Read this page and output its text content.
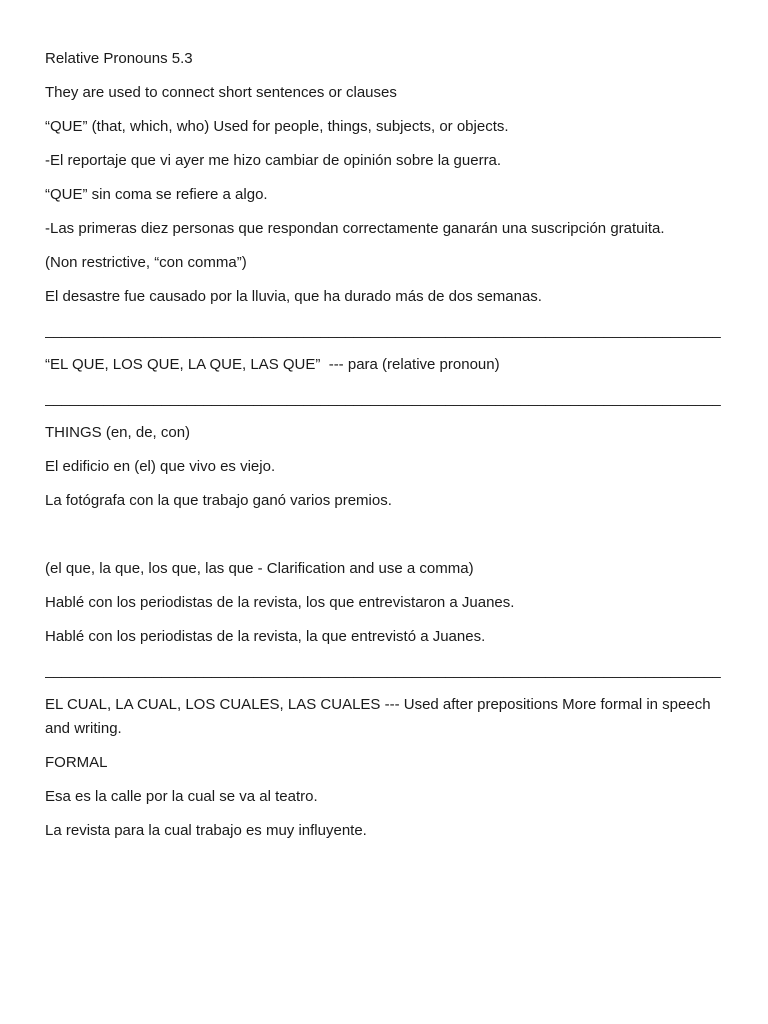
Relative Pronouns 5.3
They are used to connect short sentences or clauses
“QUE” (that, which, who) Used for people, things, subjects, or objects.
-El reportaje que vi ayer me hizo cambiar de opinión sobre la guerra.
“QUE” sin coma se refiere a algo.
-Las primeras diez personas que respondan correctamente ganarán una suscripción gratuita.
(Non restrictive, “con comma”)
El desastre fue causado por la lluvia, que ha durado más de dos semanas.
_________________________________________________________________________________
“EL QUE, LOS QUE, LA QUE, LAS QUE”  --- para (relative pronoun)
_________________________________________________________________________________
THINGS (en, de, con)
El edificio en (el) que vivo es viejo.
La fotógrafa con la que trabajo ganó varios premios.
(el que, la que, los que, las que - Clarification and use a comma)
Hablé con los periodistas de la revista, los que entrevistaron a Juanes.
Hablé con los periodistas de la revista, la que entrevistó a Juanes.
_________________________________________________________________________________
EL CUAL, LA CUAL, LOS CUALES, LAS CUALES --- Used after prepositions More formal in speech and writing.
FORMAL
Esa es la calle por la cual se va al teatro.
La revista para la cual trabajo es muy influyente.
